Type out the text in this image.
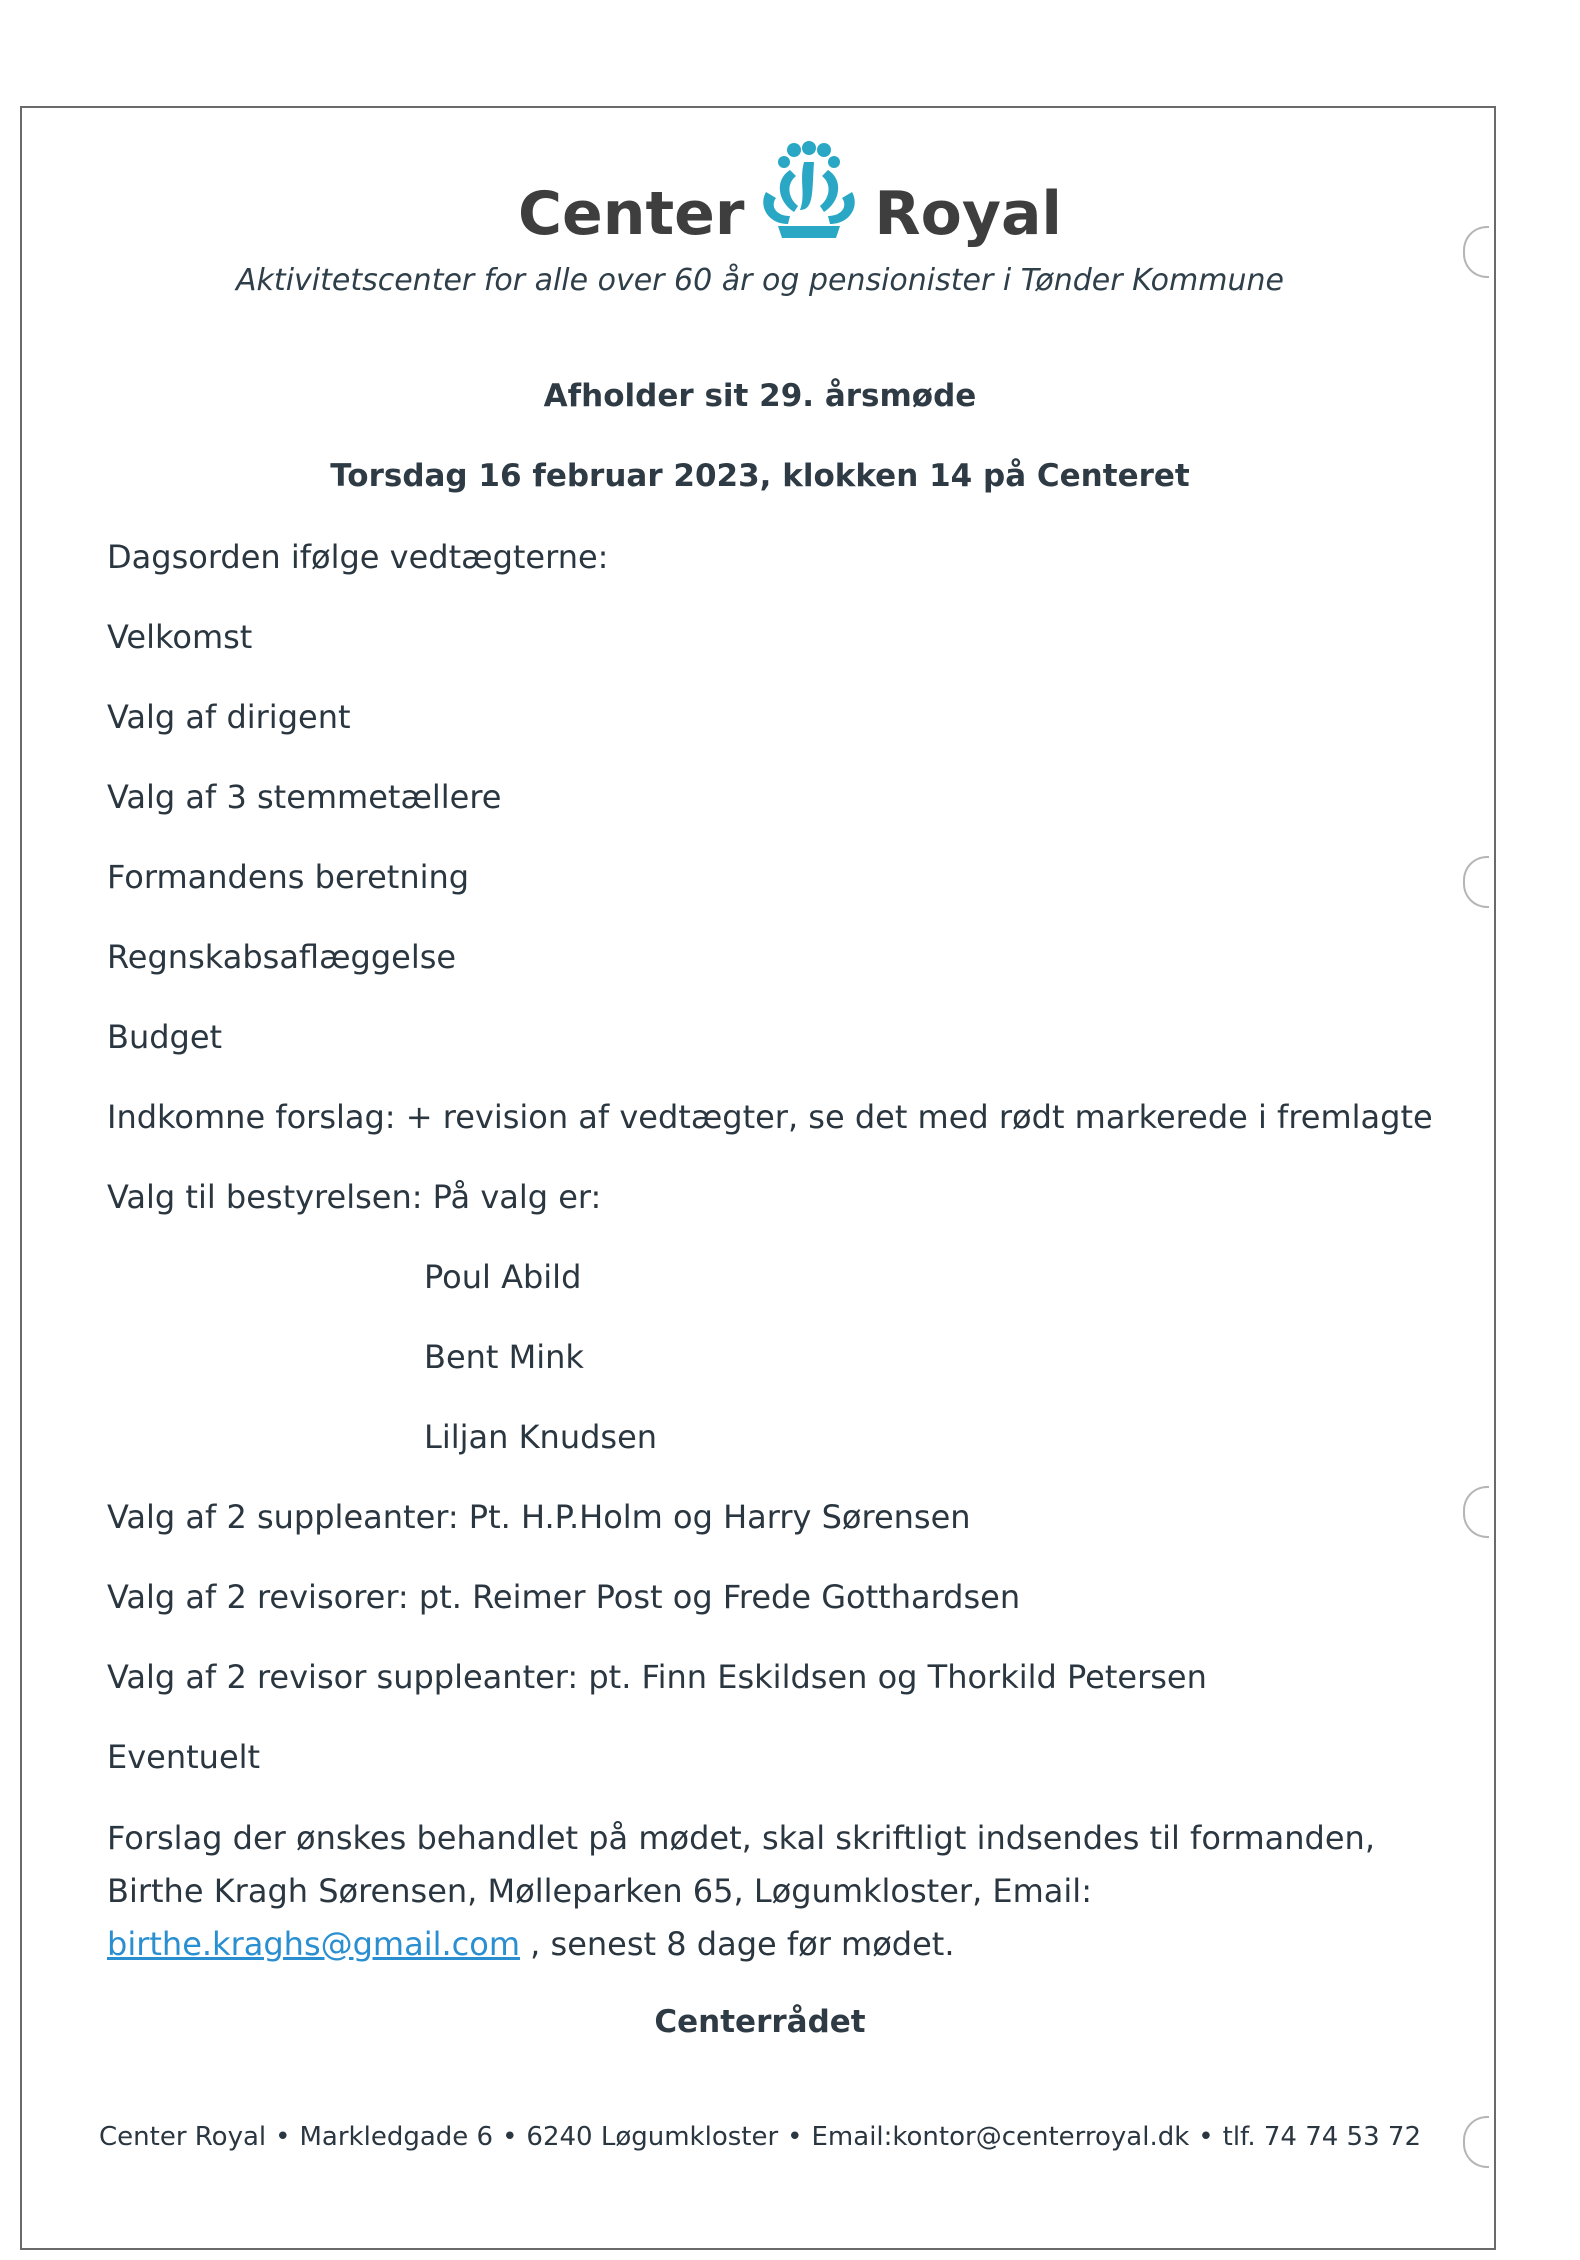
Center Royal
Aktivitetscenter for alle over 60 år og pensionister i Tønder Kommune
Afholder sit 29. årsmøde
Torsdag 16 februar 2023, klokken 14 på Centeret
Dagsorden ifølge vedtægterne:
Velkomst
Valg af dirigent
Valg af 3 stemmetællere
Formandens beretning
Regnskabsaflæggelse
Budget
Indkomne forslag: + revision af vedtægter, se det med rødt markerede i fremlagte
Valg til bestyrelsen: På valg er:
Poul Abild
Bent Mink
Liljan Knudsen
Valg af 2 suppleanter: Pt. H.P.Holm og Harry Sørensen
Valg af 2 revisorer: pt. Reimer Post og Frede Gotthardsen
Valg af 2 revisor suppleanter: pt. Finn Eskildsen og Thorkild Petersen
Eventuelt
Forslag der ønskes behandlet på mødet, skal skriftligt indsendes til formanden, Birthe Kragh Sørensen, Mølleparken 65, Løgumkloster, Email:
birthe.kraghs@gmail.com , senest 8 dage før mødet.
Centerrådet
Center Royal • Markledgade 6 • 6240 Løgumkloster • Email:kontor@centerroyal.dk • tlf. 74 74 53 72
